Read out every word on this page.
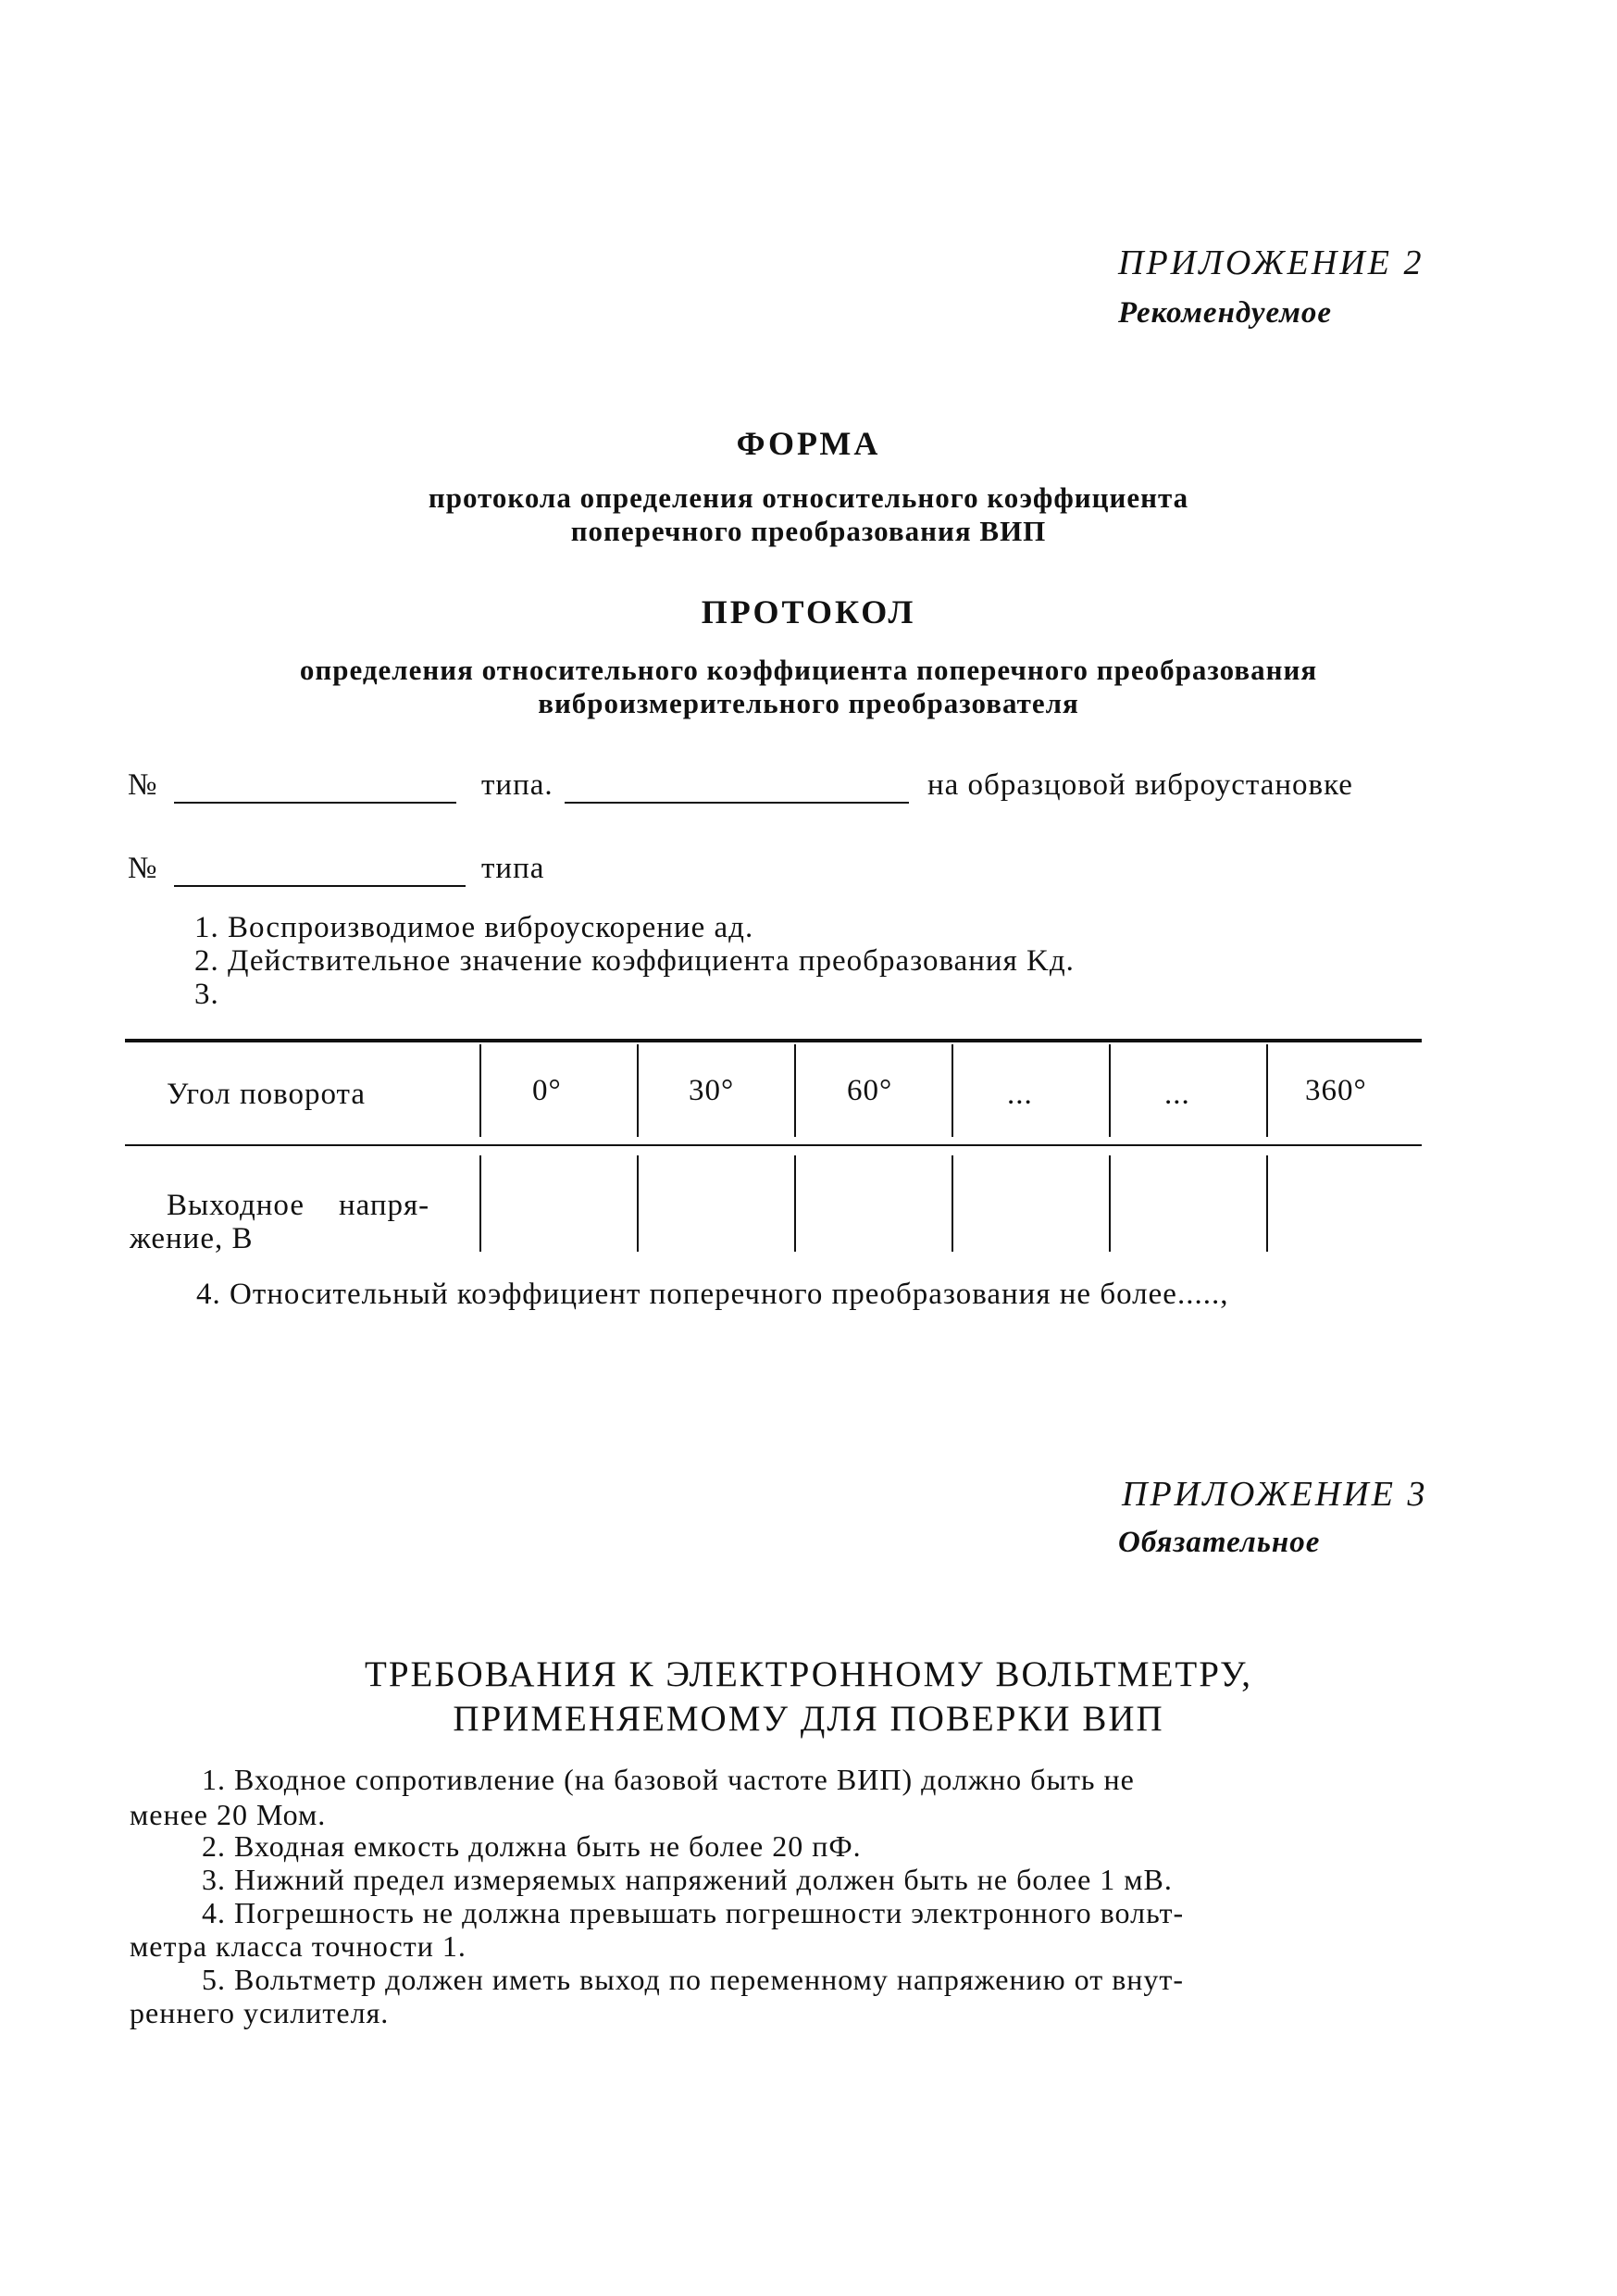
ПРИЛОЖЕНИЕ 2
Рекомендуемое
ФОРМА
протокола определения относительного коэффициента
поперечного преобразования ВИП
ПРОТОКОЛ
определения относительного коэффициента поперечного преобразования
виброизмерительного преобразователя
№	типа.	на образцовой виброустановке
№	типа
1. Воспроизводимое виброускорение aд.
2. Действительное значение коэффициента преобразования Kд.
3.
Угол поворота	0°	30°	60°	...	...	360°
Выходное    напря-
жение, В
4. Относительный коэффициент поперечного преобразования не более.....,
ПРИЛОЖЕНИЕ 3
Обязательное
ТРЕБОВАНИЯ К ЭЛЕКТРОННОМУ ВОЛЬТМЕТРУ,
ПРИМЕНЯЕМОМУ ДЛЯ ПОВЕРКИ ВИП
1. Входное сопротивление (на базовой частоте ВИП) должно быть не
менее 20 Мом.
2. Входная емкость должна быть не более 20 пФ.
3. Нижний предел измеряемых напряжений должен быть не более 1 мВ.
4. Погрешность не должна превышать погрешности электронного вольт-
метра класса точности 1.
5. Вольтметр должен иметь выход по переменному напряжению от внут-
реннего усилителя.
